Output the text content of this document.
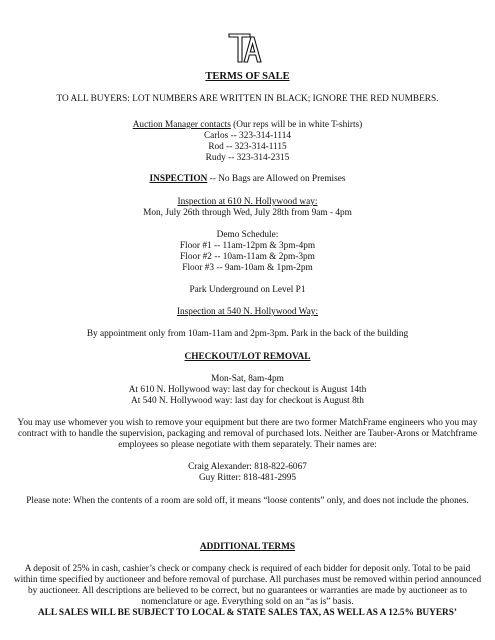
TERMS OF SALE
TO ALL BUYERS: LOT NUMBERS ARE WRITTEN IN BLACK; IGNORE THE RED NUMBERS.
Auction Manager contacts (Our reps will be in white T-shirts)
Carlos -- 323-314-1114
Rod -- 323-314-1115
Rudy -- 323-314-2315
INSPECTION -- No Bags are Allowed on Premises
Inspection at 610 N. Hollywood way:
Mon, July 26th through Wed, July 28th from 9am - 4pm
Demo Schedule:
Floor #1 -- 11am-12pm & 3pm-4pm
Floor #2 -- 10am-11am & 2pm-3pm
Floor #3 -- 9am-10am & 1pm-2pm
Park Underground on Level P1
Inspection at 540 N. Hollywood Way:
By appointment only from 10am-11am and 2pm-3pm. Park in the back of the building
CHECKOUT/LOT REMOVAL
Mon-Sat, 8am-4pm
At 610 N. Hollywood way: last day for checkout is August 14th
At 540 N. Hollywood way: last day for checkout is August 8th
You may use whomever you wish to remove your equipment but there are two former MatchFrame engineers who you may contract with to handle the supervision, packaging and removal of purchased lots. Neither are Tauber-Arons or Matchframe employees so please negotiate with them separately. Their names are:
Craig Alexander: 818-822-6067
Guy Ritter: 818-481-2995
Please note: When the contents of a room are sold off, it means “loose contents” only, and does not include the phones.
ADDITIONAL TERMS
A deposit of 25% in cash, cashier’s check or company check is required of each bidder for deposit only. Total to be paid within time specified by auctioneer and before removal of purchase. All purchases must be removed within period announced by auctioneer. All descriptions are believed to be correct, but no guarantees or warranties are made by auctioneer as to nomenclature or age. Everything sold on an “as is” basis.
ALL SALES WILL BE SUBJECT TO LOCAL & STATE SALES TAX, AS WELL AS A 12.5% BUYERS’
